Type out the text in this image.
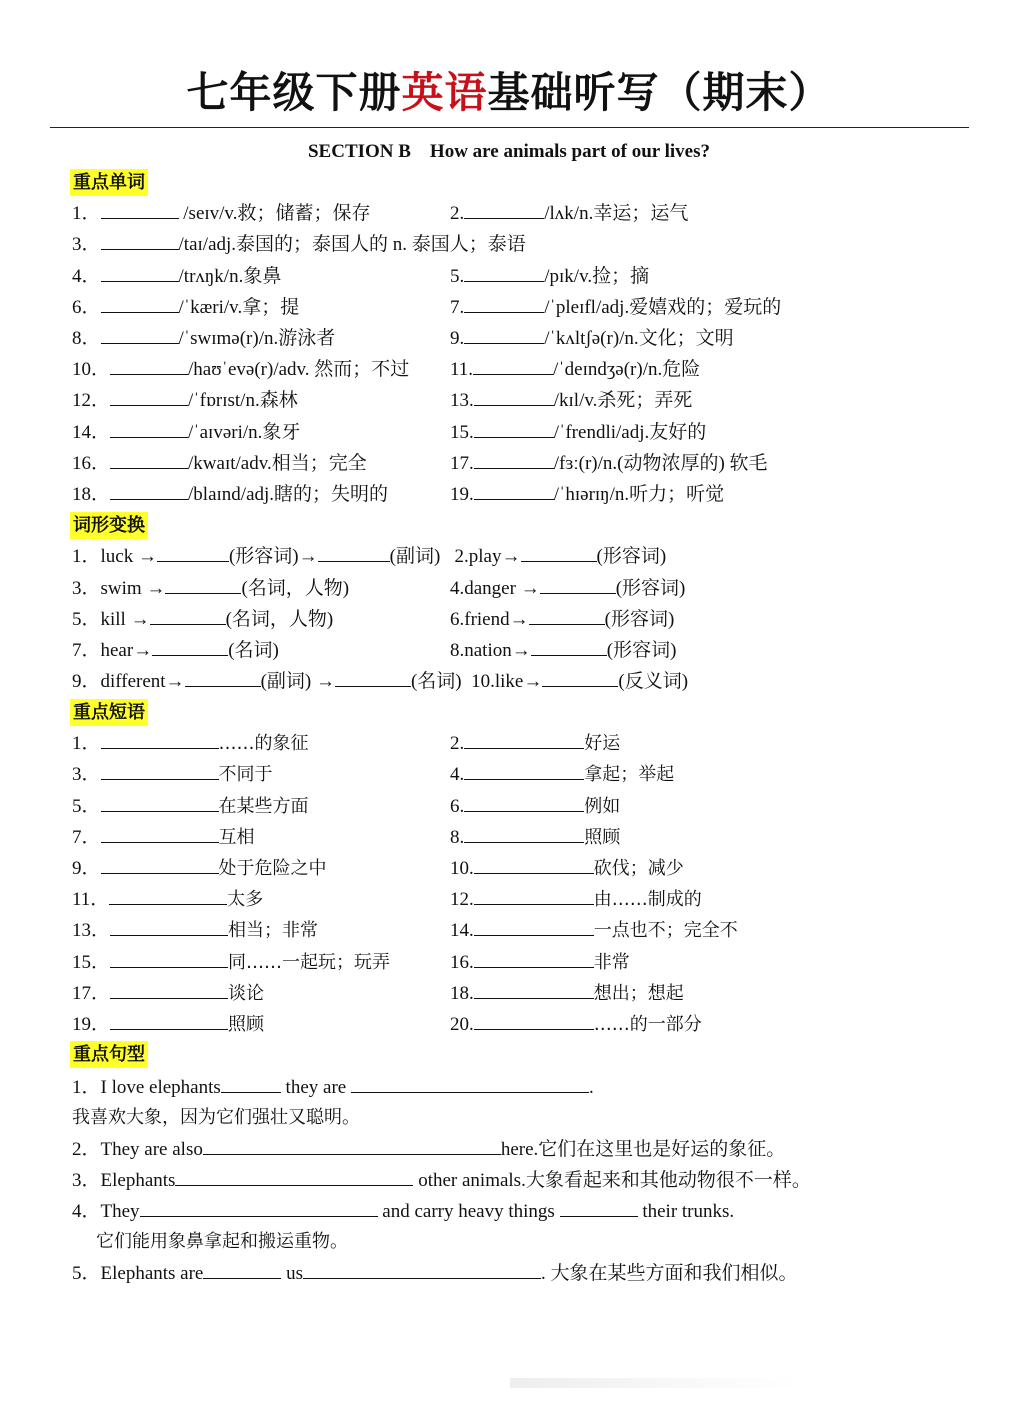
七年级下册英语基础听写（期末）
SECTION B    How are animals part of our lives?
重点单词
1．	/seɪv/v.救；储蓄；保存	2.	/lʌk/n.幸运；运气
3．	/taɪ/adj.泰国的；泰国人的 n. 泰国人；泰语
4．	/trʌŋk/n.象鼻	5.	/pɪk/v.捡；摘
6．	/ˈkæri/v.拿；提	7.	/ˈpleɪfl/adj.爱嬉戏的；爱玩的
8．	/ˈswɪmə(r)/n.游泳者	9.	/ˈkʌltʃə(r)/n.文化；文明
10．	/haʊˈevə(r)/adv. 然而；不过 11.	/ˈdeɪndʒə(r)/n.危险
12．	/ˈfɒrɪst/n.森林	13.	/kɪl/v.杀死；弄死
14．	/ˈaɪvəri/n.象牙	15.	/ˈfrendli/adj.友好的
16．	/kwaɪt/adv.相当；完全	17.	/fɜː(r)/n.(动物浓厚的) 软毛
18．	/blaɪnd/adj.瞎的；失明的	19.	/ˈhɪərɪŋ/n.听力；听觉
词形变换
1．luck →	(形容词)→	(副词) 2.play→	(形容词)
3．swim →	(名词，人物)	4.danger →	(形容词)
5．kill →	(名词，人物)	6.friend→	(形容词)
7．hear→	(名词)	8.nation→	(形容词)
9．different→	(副词) →	(名词) 10.like→	(反义词)
重点短语
1．	……的象征	2.	好运
3．	不同于	4.	拿起；举起
5．	在某些方面	6.	例如
7．	互相	8.	照顾
9．	处于危险之中	10.	砍伐；减少
11．	太多	12.	由……制成的
13．	相当；非常	14.	一点也不；完全不
15．	同……一起玩；玩弄	16.	非常
17．	谈论	18.	想出；想起
19．	照顾	20.	……的一部分
重点句型
1．I love elephants	they are	.
我喜欢大象，因为它们强壮又聪明。
2．They are also	here.它们在这里也是好运的象征。
3．Elephants	other animals.大象看起来和其他动物很不一样。
4．They	and carry heavy things	their trunks.
它们能用象鼻拿起和搬运重物。
5．Elephants are	us	. 大象在某些方面和我们相似。
